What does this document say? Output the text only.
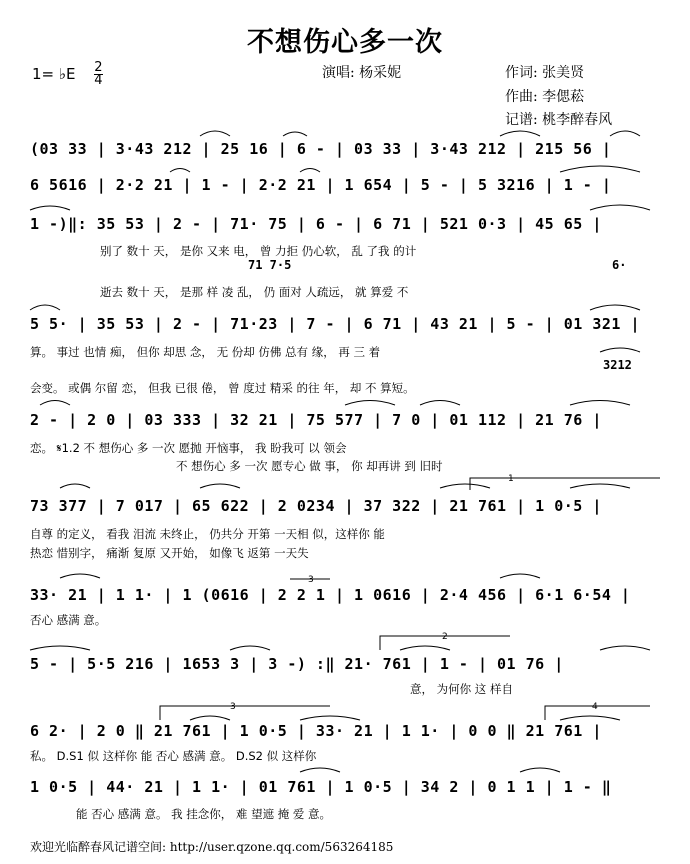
不想伤心多一次
1= ♭E $\frac{2}{4}$	演唱: 杨采妮	作词: 张美贤
作曲: 李偲菘
记谱: 桃李醉春风
1
2
3	4
3
(03 33 | 3·43 212 | 25 16 | 6 - | 03 33 | 3·43 212 | 215 56 |
6 5616 | 2·2 21 | 1 - | 2·2 21 | 1 654 | 5 - | 5 3216 | 1 - |
1 -)‖: 35 53 | 2 - | 71· 75 | 6 - | 6 71 | 521 0·3 | 45 65 |
别了 数十 天， 是你 又来 电， 曾 力拒 仍心软， 乱 了我 的计
71 7·5	6·
逝去 数十 天， 是那 样 凌 乱， 仍 面对 人疏远， 就 算爱 不
5 5· | 35 53 | 2 - | 71·23 | 7 - | 6 71 | 43 21 | 5 - | 01 321 |
算。 事过 也情 痴， 但你 却思 念， 无 份却 仿佛 总有 缘， 再 三 着
3212
会变。 或偶 尔留 恋， 但我 已很 倦， 曾 度过 精采 的往 年， 却 不 算短。
2 - | 2 0 | 03 333 | 32 21 | 75 577 | 7 0 | 01 112 | 21 76 |
恋。 𝄋1.2 不 想伤心 多 一次 愿抛 开恼事， 我 盼我可 以 领会
不 想伤心 多 一次 愿专心 做 事， 你 却再讲 到 旧时
73 377 | 7 017 | 65 622 | 2 0234 | 37 322 | 21 761 | 1 0·5 |
自尊 的定义， 看我 泪流 未终止， 仍共分 开第 一天相 似，这样你 能
热恋 惜别字， 痛渐 复原 又开始， 如像飞 返第 一天失
33· 21 | 1 1· | 1 (0616 | 2 2 1 | 1 0616 | 2·4 456 | 6·1 6·54 |
否心 感满 意。
5 - | 5·5 216 | 1653 3 | 3 -) :‖ 21· 761 | 1 - | 01 76 |
意， 为何你 这 样自
6 2· | 2 0 ‖ 21 761 | 1 0·5 | 33· 21 | 1 1· | 0 0 ‖ 21 761 |
私。 D.S1 似 这样你 能 否心 感满 意。 D.S2 似 这样你
1 0·5 | 44· 21 | 1 1· | 01 761 | 1 0·5 | 34 2 | 0 1 1 | 1 - ‖
能 否心 感满 意。 我 挂念你， 难 望遮 掩 爱 意。
欢迎光临醉春风记谱空间: http://user.qzone.qq.com/563264185
